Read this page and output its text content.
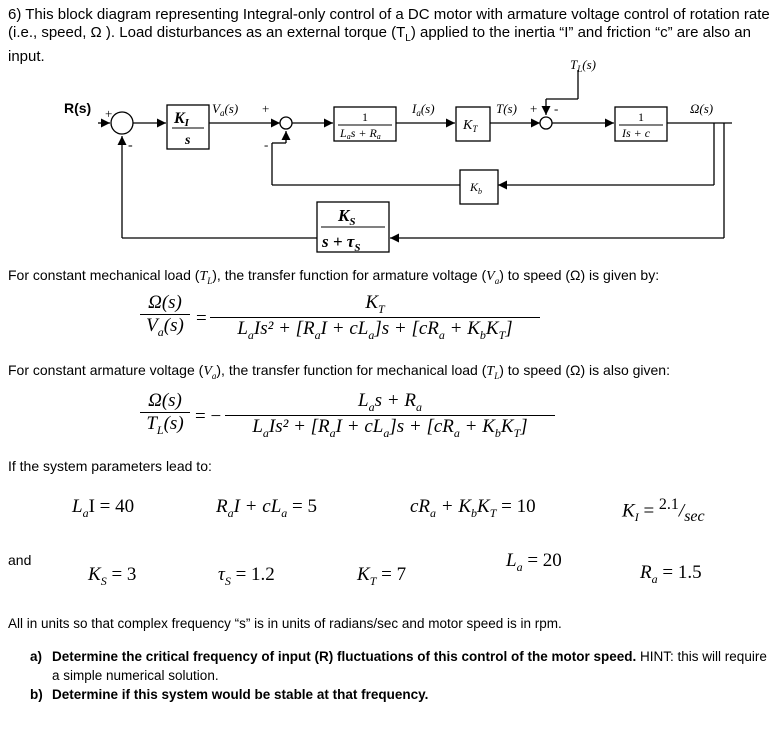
6) This block diagram representing Integral-only control of a DC motor with armature voltage control of rotation rate (i.e., speed, Ω ). Load disturbances as an external torque $(T_L)$ applied to the inertia “I” and friction “c” are also an input.

R(s) +
-
KI
s
$V_a(s)$ +
-
1
Las + Ra
$I_a(s)$
$K_T$
T(s) + -
$T_L(s)$
1
Is + c
Ω(s)
$K_b$
$K_S$
$s + \tau_S$
For constant mechanical load $(T_L)$, the transfer function for armature voltage $(V_a)$ to speed (Ω) is given by:
Ω(s)
$V_a(s)$ =
$K_T$
$L_aIs^2 + [R_aI + cL_a]s + [cR_a + K_bK_T]$
For constant armature voltage $(V_a)$, the transfer function for mechanical load $(T_L)$ to speed (Ω) is also given:
Ω(s)
$T_L(s)$ = −
$L_as + R_a$
$L_aIs^2 + [R_aI + cL_a]s + [cR_a + K_bK_T]$
If the system parameters lead to:
$L_aI = 40$	$R_aI + cL_a = 5$	$cR_a + K_bK_T = 10$	$K_I = ^{2.1}/_{sec}$
and
$K_S = 3$	$\tau_S = 1.2$	$K_T = 7$
$L_a = 20$
$R_a = 1.5$
All in units so that complex frequency “s” is in units of radians/sec and motor speed is in rpm.
a) Determine the critical frequency of input (R) fluctuations of this control of the motor speed. HINT: this will require a simple numerical solution.
b) Determine if this system would be stable at that frequency.
